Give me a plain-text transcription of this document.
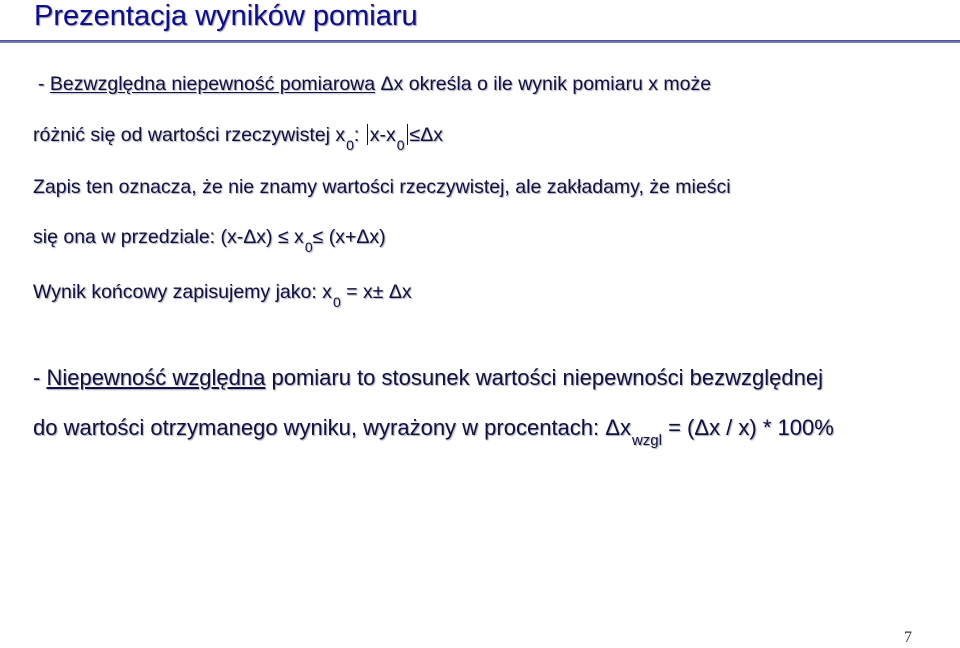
Prezentacja wyników pomiaru
- Bezwzględna niepewność pomiarowa Δx określa o ile wynik pomiaru x może
różnić się od wartości rzeczywistej $x_0$: $x-x_0 \le\Delta x$
Zapis ten oznacza, że nie znamy wartości rzeczywistej, ale zakładamy, że mieści
się ona w przedziale: $(x-\Delta x) \le x_0\le (x+\Delta x)$
Wynik końcowy zapisujemy jako: $x_0 = x\pm \Delta x$
- Niepewność względna pomiaru to stosunek wartości niepewności bezwzględnej
do wartości otrzymanego wyniku, wyrażony w procentach: $\Delta x_{wzgl} = (\Delta x / x) * 100\%$
7
